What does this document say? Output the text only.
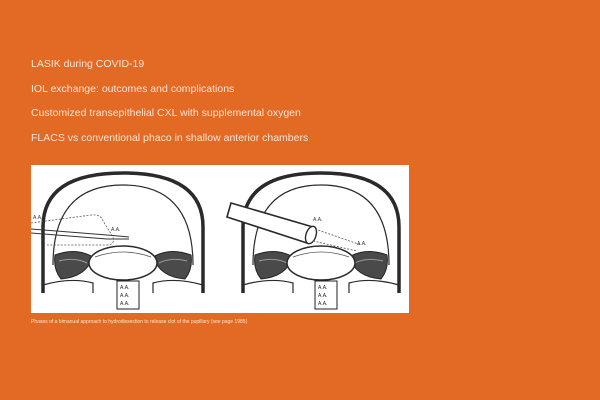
LASIK during COVID-19
IOL exchange: outcomes and complications
Customized transepithelial CXL with supplemental oxygen
FLACS vs conventional phaco in shallow anterior chambers
A.A.
A.A.
A.A.
A.A.
A.A.
A.A.
A.A.
A.A.
A.A.
A.A.
Phases of a bimanual approach to hydrodissection to release clot of the pupillary (see page 1985)
